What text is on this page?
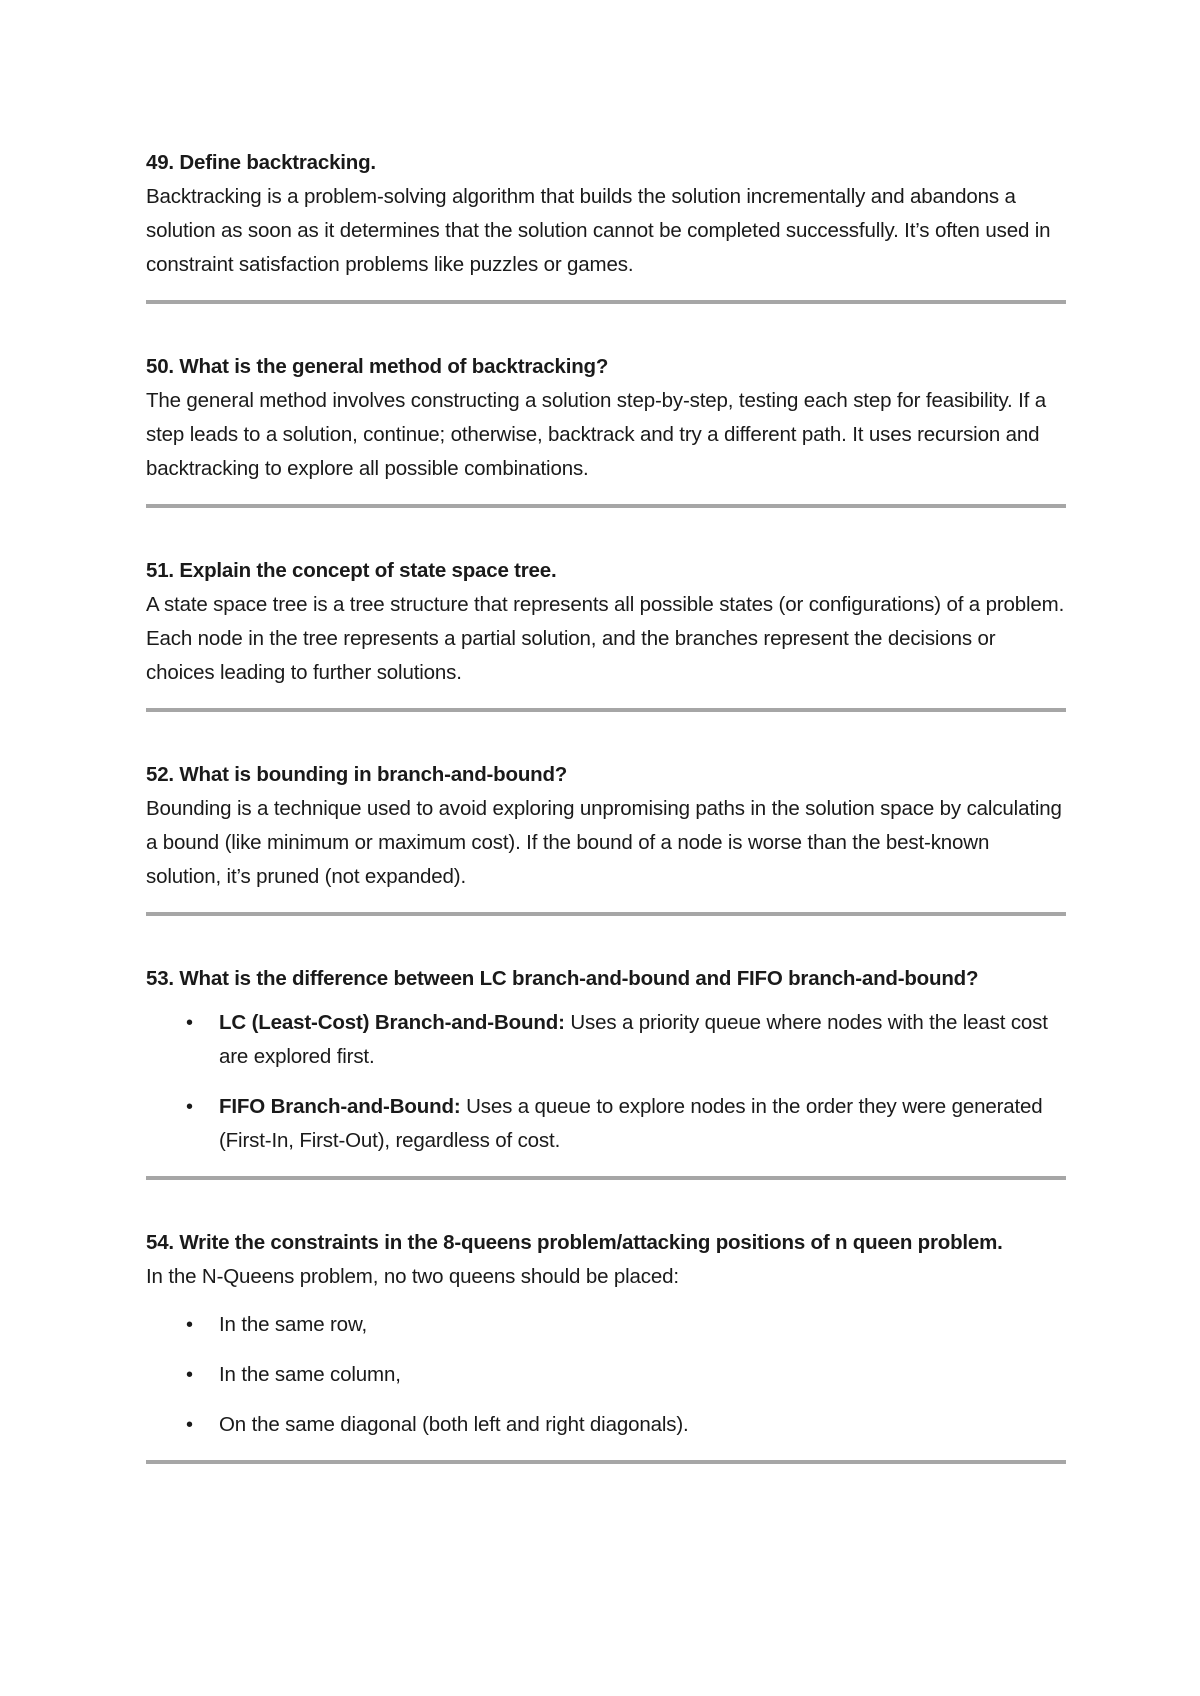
49. Define backtracking.

Backtracking is a problem-solving algorithm that builds the solution incrementally and abandons a solution as soon as it determines that the solution cannot be completed successfully. It’s often used in constraint satisfaction problems like puzzles or games.

50. What is the general method of backtracking?

The general method involves constructing a solution step-by-step, testing each step for feasibility. If a step leads to a solution, continue; otherwise, backtrack and try a different path. It uses recursion and backtracking to explore all possible combinations.

51. Explain the concept of state space tree.

A state space tree is a tree structure that represents all possible states (or configurations) of a problem. Each node in the tree represents a partial solution, and the branches represent the decisions or choices leading to further solutions.

52. What is bounding in branch-and-bound?

Bounding is a technique used to avoid exploring unpromising paths in the solution space by calculating a bound (like minimum or maximum cost). If the bound of a node is worse than the best-known solution, it’s pruned (not expanded).

53. What is the difference between LC branch-and-bound and FIFO branch-and-bound?

• LC (Least-Cost) Branch-and-Bound: Uses a priority queue where nodes with the least cost are explored first.
• FIFO Branch-and-Bound: Uses a queue to explore nodes in the order they were generated (First-In, First-Out), regardless of cost.

54. Write the constraints in the 8-queens problem/attacking positions of n queen problem.

In the N-Queens problem, no two queens should be placed:

• In the same row,
• In the same column,
• On the same diagonal (both left and right diagonals).
